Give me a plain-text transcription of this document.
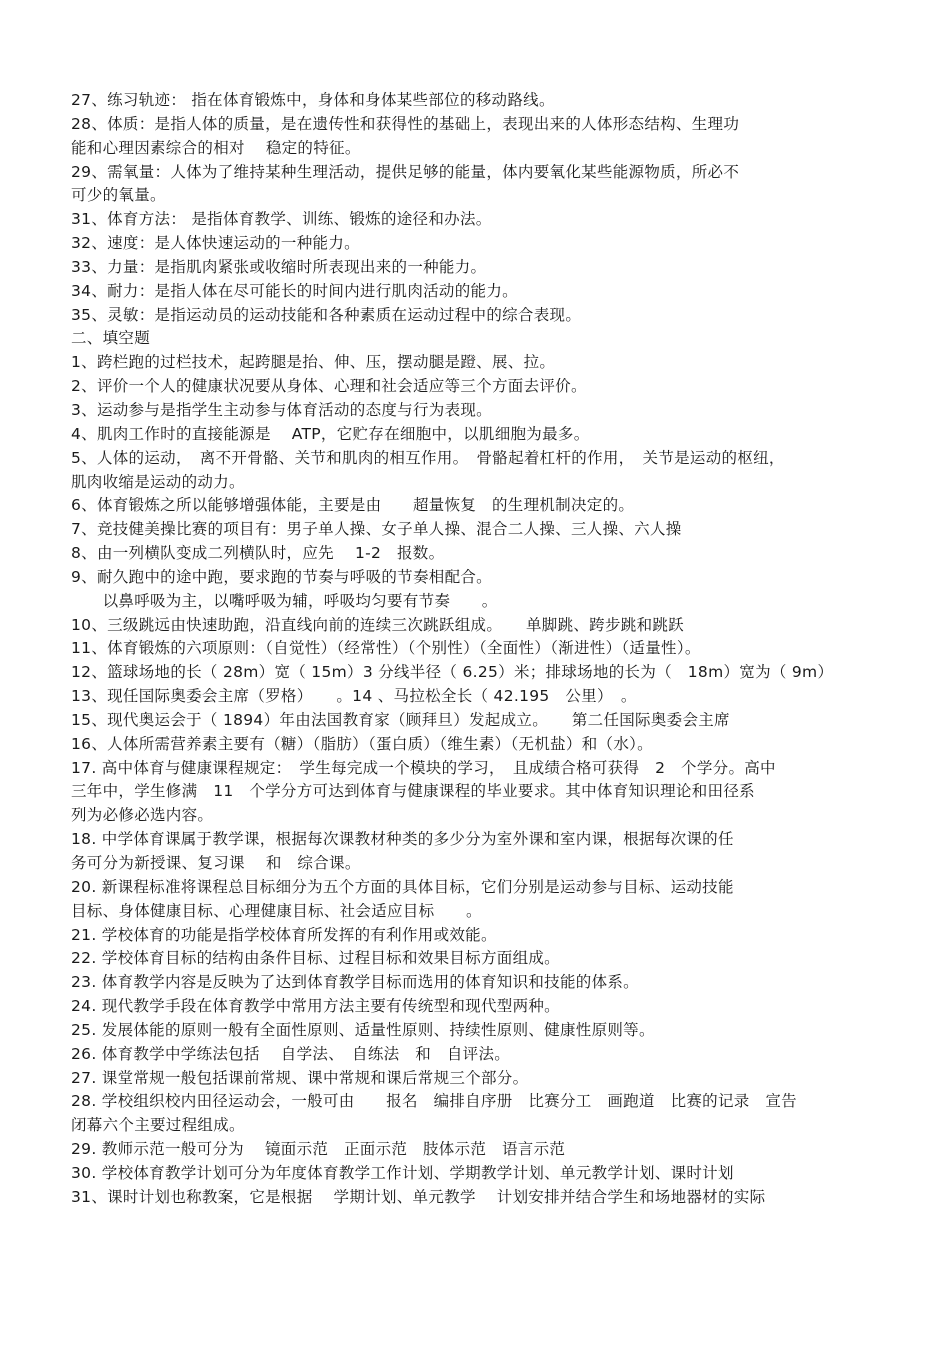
27、练习轨迹： 指在体育锻炼中，身体和身体某些部位的移动路线。
28、体质：是指人体的质量，是在遗传性和获得性的基础上，表现出来的人体形态结构、生理功
能和心理因素综合的相对　 稳定的特征。
29、需氧量：人体为了维持某种生理活动，提供足够的能量，体内要氧化某些能源物质，所必不
可少的氧量。
31、体育方法： 是指体育教学、训练、锻炼的途径和办法。
32、速度：是人体快速运动的一种能力。
33、力量：是指肌肉紧张或收缩时所表现出来的一种能力。
34、耐力：是指人体在尽可能长的时间内进行肌肉活动的能力。
35、灵敏：是指运动员的运动技能和各种素质在运动过程中的综合表现。
二、填空题
1、跨栏跑的过栏技术，起跨腿是抬、伸、压，摆动腿是蹬、展、拉。
2、评价一个人的健康状况要从身体、心理和社会适应等三个方面去评价。
3、运动参与是指学生主动参与体育活动的态度与行为表现。
4、肌肉工作时的直接能源是　 ATP，它贮存在细胞中，以肌细胞为最多。
5、人体的运动，　离不开骨骼、关节和肌肉的相互作用。　骨骼起着杠杆的作用，　关节是运动的枢纽，
肌肉收缩是运动的动力。
6、体育锻炼之所以能够增强体能，主要是由　　超量恢复　的生理机制决定的。
7、竞技健美操比赛的项目有：男子单人操、女子单人操、混合二人操、三人操、六人操
8、由一列横队变成二列横队时，应先　 1-2　报数。
9、耐久跑中的途中跑，要求跑的节奏与呼吸的节奏相配合。
　　以鼻呼吸为主，以嘴呼吸为辅，呼吸均匀要有节奏　　。
10、三级跳远由快速助跑，沿直线向前的连续三次跳跃组成。　　单脚跳、跨步跳和跳跃
11、体育锻炼的六项原则：（自觉性）（经常性）（个别性）（全面性）（渐进性）（适量性）。
12、篮球场地的长（ 28m）宽（ 15m）3 分线半径（ 6.25）米；排球场地的长为（　18m）宽为（ 9m）
13、现任国际奥委会主席（罗格）　　。14 、马拉松全长（ 42.195　公里）　。
15、现代奥运会于（ 1894）年由法国教育家（顾拜旦）发起成立。　　第二任国际奥委会主席
16、人体所需营养素主要有（糖）（脂肪）（蛋白质）（维生素）（无机盐）和（水）。
17. 高中体育与健康课程规定：　学生每完成一个模块的学习，　且成绩合格可获得　2　个学分。高中
三年中，学生修满　11　个学分方可达到体育与健康课程的毕业要求。其中体育知识理论和田径系
列为必修必选内容。
18. 中学体育课属于教学课，根据每次课教材种类的多少分为室外课和室内课，根据每次课的任
务可分为新授课、复习课　 和　综合课。
20. 新课程标准将课程总目标细分为五个方面的具体目标，它们分别是运动参与目标、运动技能
目标、身体健康目标、心理健康目标、社会适应目标　　。
21. 学校体育的功能是指学校体育所发挥的有利作用或效能。
22. 学校体育目标的结构由条件目标、过程目标和效果目标方面组成。
23. 体育教学内容是反映为了达到体育教学目标而选用的体育知识和技能的体系。
24. 现代教学手段在体育教学中常用方法主要有传统型和现代型两种。
25. 发展体能的原则一般有全面性原则、适量性原则、持续性原则、健康性原则等。
26. 体育教学中学练法包括　 自学法、　自练法　和　自评法。
27. 课堂常规一般包括课前常规、课中常规和课后常规三个部分。
28. 学校组织校内田径运动会，一般可由　　报名　编排自序册　比赛分工　画跑道　比赛的记录　宣告
闭幕六个主要过程组成。
29. 教师示范一般可分为　 镜面示范　正面示范　肢体示范　语言示范
30. 学校体育教学计划可分为年度体育教学工作计划、学期教学计划、单元教学计划、课时计划
31、课时计划也称教案，它是根据　 学期计划、单元教学　 计划安排并结合学生和场地器材的实际
